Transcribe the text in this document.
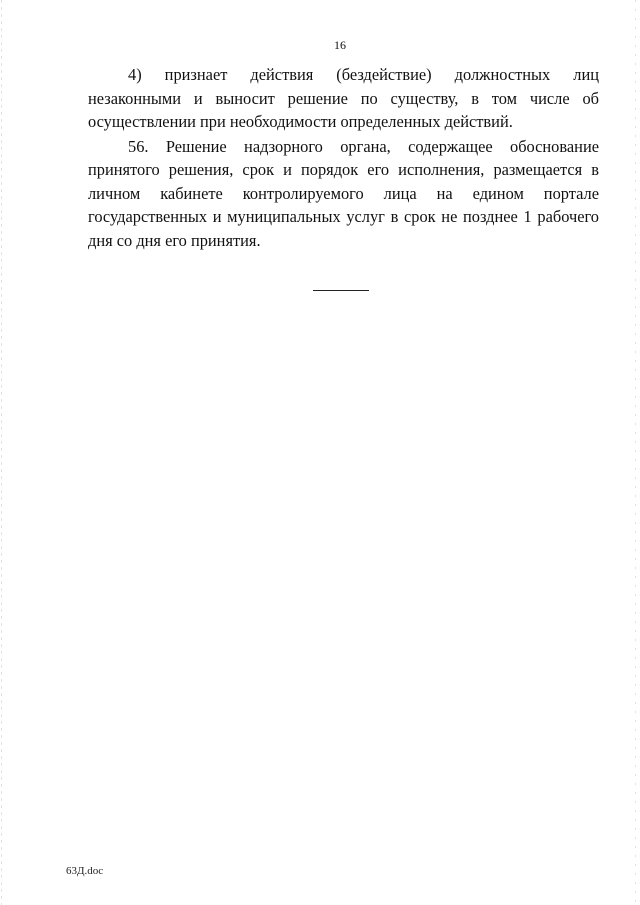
16

4) признает действия (бездействие) должностных лиц незаконными и выносит решение по существу, в том числе об осуществлении при необходимости определенных действий.

56. Решение надзорного органа, содержащее обоснование принятого решения, срок и порядок его исполнения, размещается в личном кабинете контролируемого лица на едином портале государственных и муниципальных услуг в срок не позднее 1 рабочего дня со дня его принятия.

63Д.doc
